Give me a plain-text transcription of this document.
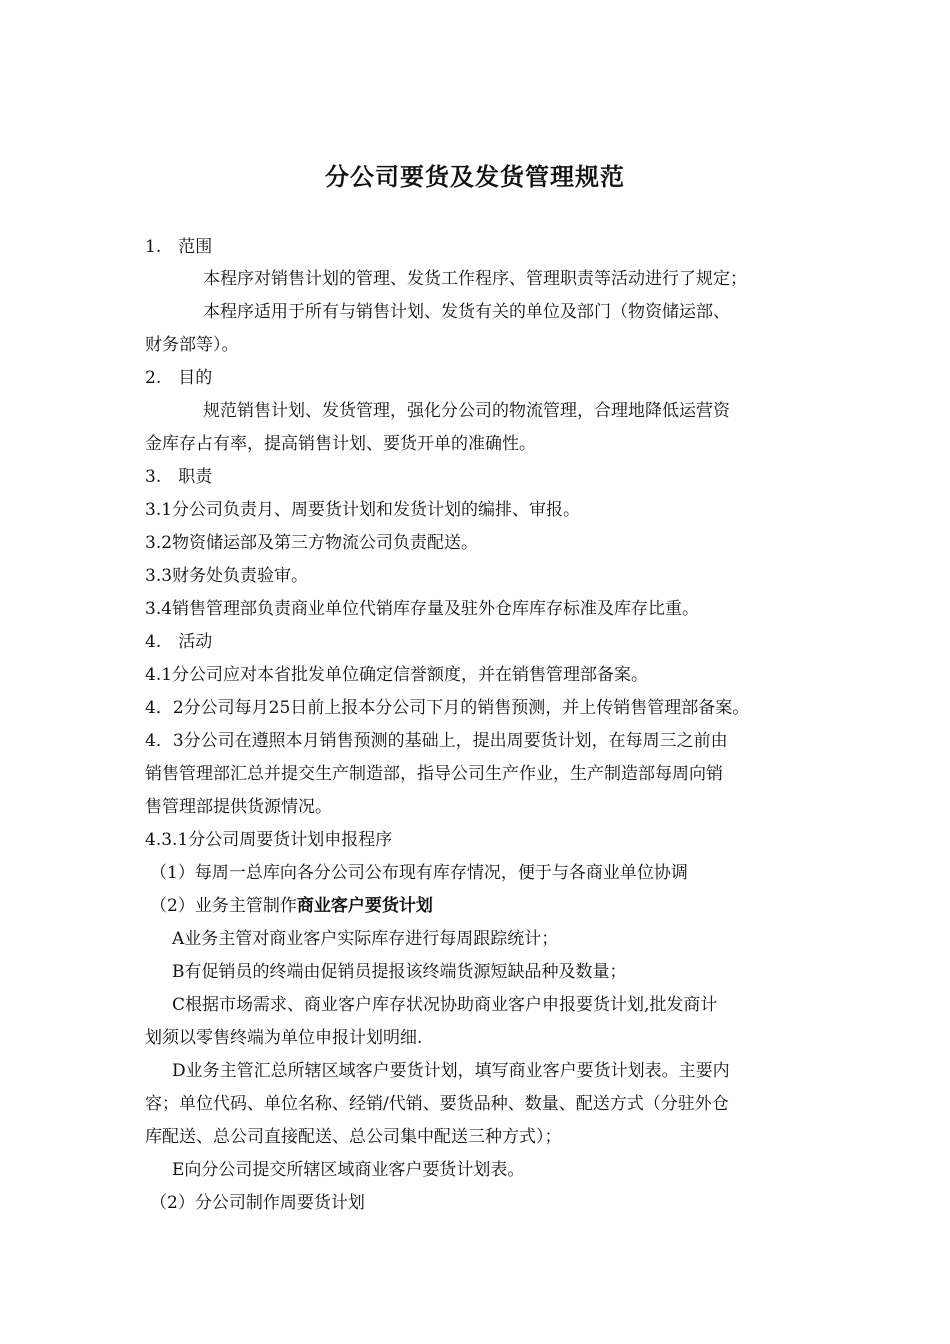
分公司要货及发货管理规范
1.　范围
本程序对销售计划的管理、发货工作程序、管理职责等活动进行了规定；
本程序适用于所有与销售计划、发货有关的单位及部门（物资储运部、
财务部等）。
2.　目的
规范销售计划、发货管理，强化分公司的物流管理，合理地降低运营资
金库存占有率，提高销售计划、要货开单的准确性。
3.　职责
3.1分公司负责月、周要货计划和发货计划的编排、审报。
3.2物资储运部及第三方物流公司负责配送。
3.3财务处负责验审。
3.4销售管理部负责商业单位代销库存量及驻外仓库库存标准及库存比重。
4.　活动
4.1分公司应对本省批发单位确定信誉额度，并在销售管理部备案。
4．2分公司每月25日前上报本分公司下月的销售预测，并上传销售管理部备案。
4．3分公司在遵照本月销售预测的基础上，提出周要货计划，在每周三之前由
销售管理部汇总并提交生产制造部，指导公司生产作业，生产制造部每周向销
售管理部提供货源情况。
4.3.1分公司周要货计划申报程序
（1）每周一总库向各分公司公布现有库存情况，便于与各商业单位协调
（2）业务主管制作商业客户要货计划
A业务主管对商业客户实际库存进行每周跟踪统计；
B有促销员的终端由促销员提报该终端货源短缺品种及数量；
C根据市场需求、商业客户库存状况协助商业客户申报要货计划,批发商计
划须以零售终端为单位申报计划明细.
D业务主管汇总所辖区域客户要货计划，填写商业客户要货计划表。主要内
容；单位代码、单位名称、经销/代销、要货品种、数量、配送方式（分驻外仓
库配送、总公司直接配送、总公司集中配送三种方式）；
E向分公司提交所辖区域商业客户要货计划表。
（2）分公司制作周要货计划
